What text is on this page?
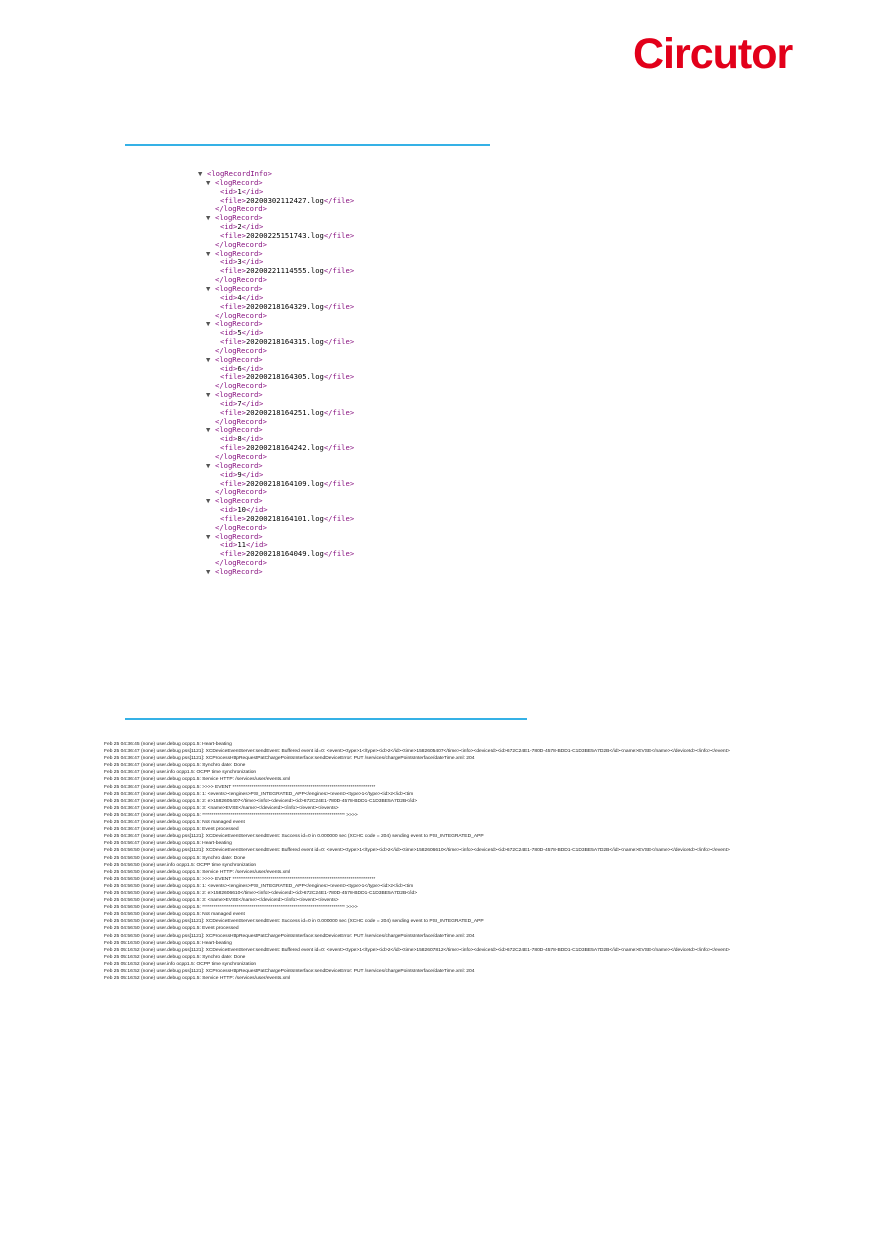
Circutor
▼ <logRecordInfo>
▼ <logRecord>
<id>1</id>
<file>20200302112427.log</file>
</logRecord>
▼ <logRecord>
<id>2</id>
<file>20200225151743.log</file>
</logRecord>
▼ <logRecord>
<id>3</id>
<file>20200221114555.log</file>
</logRecord>
▼ <logRecord>
<id>4</id>
<file>20200218164329.log</file>
</logRecord>
▼ <logRecord>
<id>5</id>
<file>20200218164315.log</file>
</logRecord>
▼ <logRecord>
<id>6</id>
<file>20200218164305.log</file>
</logRecord>
▼ <logRecord>
<id>7</id>
<file>20200218164251.log</file>
</logRecord>
▼ <logRecord>
<id>8</id>
<file>20200218164242.log</file>
</logRecord>
▼ <logRecord>
<id>9</id>
<file>20200218164109.log</file>
</logRecord>
▼ <logRecord>
<id>10</id>
<file>20200218164101.log</file>
</logRecord>
▼ <logRecord>
<id>11</id>
<file>20200218164049.log</file>
</logRecord>
▼ <logRecord>
Feb 25 04:36:45 (none) user.debug ocpp1.5: Heart-beating
Feb 25 04:36:47 (none) user.debug pss[1121]: XCDeviceEventServer:sendEvent: Buffered event id=0: <event><type>1</type><id>2</id><time>1582605407</time><info><deviceId><id>672C24E1-780D-4578-BDD1-C1D3BE5A7D2B</id><name>EVSE</name></deviceId></info></event>
Feb 25 04:36:47 (none) user.debug pss[1121]: XCProcessHttpRequestPatChargePointsInterface:sendDeviceError: PUT /services/chargePointsInterface/dateTime.xml: 204
Feb 25 04:36:47 (none) user.debug ocpp1.5: Synchro date: Done
Feb 25 04:36:47 (none) user.info ocpp1.5: OCPP time synchronization
Feb 25 04:36:47 (none) user.debug ocpp1.5: Service HTTP: /services/user/events.xml
Feb 25 04:36:47 (none) user.debug ocpp1.5: >>>> EVENT ***************************************************************************
Feb 25 04:36:47 (none) user.debug ocpp1.5: 1: <events><engines>PSI_INTEGRATED_APP</engines><event><type>1</type><id>2</id><tim
Feb 25 04:36:47 (none) user.debug ocpp1.5: 2: e>1582605407</time><info><deviceId><id>672C24E1-780D-4578-BDD1-C1D3BE5A7D2B</id>
Feb 25 04:36:47 (none) user.debug ocpp1.5: 3: <name>EVSE</name></deviceId></info></event></events>
Feb 25 04:36:47 (none) user.debug ocpp1.5: *************************************************************************** >>>>
Feb 25 04:36:47 (none) user.debug ocpp1.5: Not managed event
Feb 25 04:36:47 (none) user.debug ocpp1.5: Event processed
Feb 25 04:36:47 (none) user.debug pss[1121]: XCDeviceEventServer:sendEvent: Success id=0 in 0.000000 sec (XCHC code = 204) sending event to PSI_INTEGRATED_APP
Feb 25 04:56:47 (none) user.debug ocpp1.5: Heart-beating
Feb 25 04:56:50 (none) user.debug pss[1121]: XCDeviceEventServer:sendEvent: Buffered event id=0: <event><type>1</type><id>2</id><time>1582606610</time><info><deviceId><id>672C24E1-780D-4578-BDD1-C1D3BE5A7D2B</id><name>EVSE</name></deviceId></info></event>
Feb 25 04:56:50 (none) user.debug ocpp1.5: Synchro date: Done
Feb 25 04:56:50 (none) user.info ocpp1.5: OCPP time synchronization
Feb 25 04:56:50 (none) user.debug ocpp1.5: Service HTTP: /services/user/events.xml
Feb 25 04:56:50 (none) user.debug ocpp1.5: >>>> EVENT ***************************************************************************
Feb 25 04:56:50 (none) user.debug ocpp1.5: 1: <events><engines>PSI_INTEGRATED_APP</engines><event><type>1</type><id>2</id><tim
Feb 25 04:56:50 (none) user.debug ocpp1.5: 2: e>1582606610</time><info><deviceId><id>672C24E1-780D-4578-BDD1-C1D3BE5A7D2B</id>
Feb 25 04:56:50 (none) user.debug ocpp1.5: 3: <name>EVSE</name></deviceId></info></event></events>
Feb 25 04:56:50 (none) user.debug ocpp1.5: *************************************************************************** >>>>
Feb 25 04:56:50 (none) user.debug ocpp1.5: Not managed event
Feb 25 04:56:50 (none) user.debug pss[1121]: XCDeviceEventServer:sendEvent: Success id=0 in 0.000000 sec (XCHC code = 204) sending event to PSI_INTEGRATED_APP
Feb 25 04:56:50 (none) user.debug ocpp1.5: Event processed
Feb 25 04:56:50 (none) user.debug pss[1121]: XCProcessHttpRequestPatChargePointsInterface:sendDeviceError: PUT /services/chargePointsInterface/dateTime.xml: 204
Feb 25 05:16:50 (none) user.debug ocpp1.5: Heart-beating
Feb 25 05:16:52 (none) user.debug pss[1121]: XCDeviceEventServer:sendEvent: Buffered event id=0: <event><type>1</type><id>2</id><time>1582607812</time><info><deviceId><id>672C24E1-780D-4578-BDD1-C1D3BE5A7D2B</id><name>EVSE</name></deviceId></info></event>
Feb 25 05:16:52 (none) user.debug ocpp1.5: Synchro date: Done
Feb 25 05:16:52 (none) user.info ocpp1.5: OCPP time synchronization
Feb 25 05:16:52 (none) user.debug pss[1121]: XCProcessHttpRequestPatChargePointsInterface:sendDeviceError: PUT /services/chargePointsInterface/dateTime.xml: 204
Feb 25 05:16:52 (none) user.debug ocpp1.5: Service HTTP: /services/user/events.xml
